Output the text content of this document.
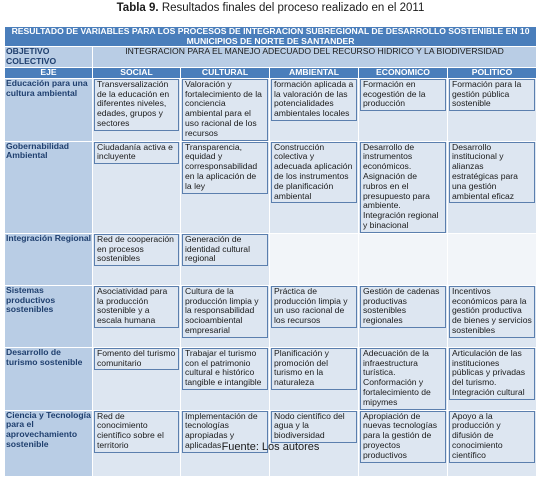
Tabla 9. Resultados finales del proceso realizado en el 2011
RESULTADO DE VARIABLES PARA LOS PROCESOS DE INTEGRACION SUBREGIONAL DE DESARROLLO SOSTENIBLE EN 10 MUNICIPIOS DE NORTE DE SANTANDER					
OBJETIVO COLECTIVO	INTEGRACION PARA EL MANEJO ADECUADO DEL RECURSO HIDRICO Y LA BIODIVERSIDAD				
EJE	SOCIAL	CULTURAL	AMBIENTAL	ECONOMICO	POLITICO
Educación para una cultura ambiental	Transversalización de la educación en diferentes niveles, edades, grupos y sectores	Valoración y fortalecimiento de la conciencia ambiental para el uso racional de los recursos	formación aplicada a la valoración de las potencialidades ambientales locales	Formación en ecogestión de la producción	Formación para la gestión pública sostenible

Gobernabilidad Ambiental	Ciudadanía activa e incluyente	Transparencia, equidad y corresponsabilidad en la aplicación de la ley	Construcción colectiva y adecuada aplicación de los instrumentos de planificación ambiental	Desarrollo de instrumentos económicos. Asignación de rubros en el presupuesto para ambiente. Integración regional y binacional	Desarrollo institucional y alianzas estratégicas para una gestión ambiental eficaz

Integración Regional	Red de cooperación en procesos sostenibles	Generación de identidad cultural regional			

Sistemas productivos sostenibles	Asociatividad para la producción sostenible y a escala humana	Cultura de la producción limpia y la responsabilidad socioambiental empresarial	Práctica de producción limpia y un uso racional de los recursos	Gestión de cadenas productivas sostenibles regionales	Incentivos económicos para la gestión productiva de bienes y servicios sostenibles

Desarrollo de turismo sostenible	Fomento del turismo comunitario	Trabajar el turismo con el patrimonio cultural e histórico tangible e intangible	Planificación y promoción del turismo en la naturaleza	Adecuación de la infraestructura turística. Conformación y fortalecimiento de mipymes	Articulación de las instituciones públicas y privadas del turismo. Integración cultural

Ciencia y Tecnología para el aprovechamiento sostenible	Red de conocimiento científico sobre el territorio	Implementación de tecnologías apropiadas y aplicadas	Nodo científico del agua y la biodiversidad	Apropiación de nuevas tecnologías para la gestión de proyectos productivos	Apoyo a la producción y difusión de conocimiento científico
Fuente: Los autores
